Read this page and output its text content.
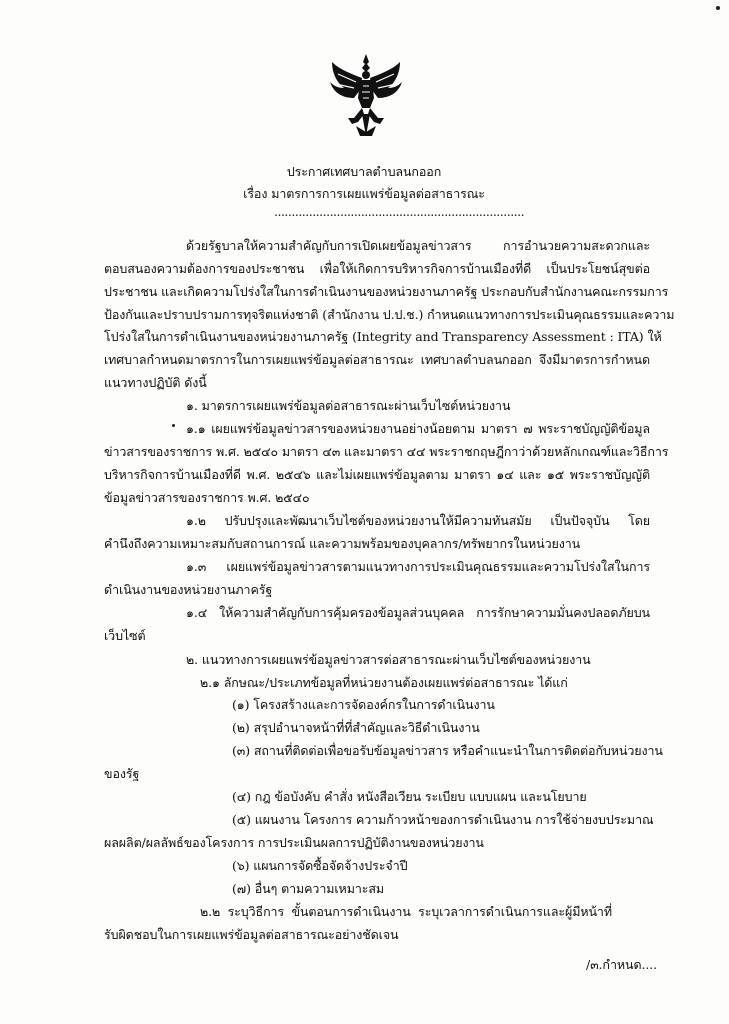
ประกาศเทศบาลตำบลนกออก
เรื่อง มาตรการการเผยแพร่ข้อมูลต่อสาธารณะ
........................................................................
ด้วยรัฐบาลให้ความสำคัญกับการเปิดเผยข้อมูลข่าวสาร การอำนวยความสะดวกและ
ตอบสนองความต้องการของประชาชน เพื่อให้เกิดการบริหารกิจการบ้านเมืองที่ดี เป็นประโยชน์สุขต่อ
ประชาชน และเกิดความโปร่งใสในการดำเนินงานของหน่วยงานภาครัฐ ประกอบกับสำนักงานคณะกรรมการ
ป้องกันและปราบปรามการทุจริตแห่งชาติ (สำนักงาน ป.ป.ช.) กำหนดแนวทางการประเมินคุณธรรมและความ
โปร่งใสในการดำเนินงานของหน่วยงานภาครัฐ (Integrity and Transparency Assessment : ITA) ให้
เทศบาลกำหนดมาตรการในการเผยแพร่ข้อมูลต่อสาธารณะ เทศบาลตำบลนกออก จึงมีมาตรการกำหนด
แนวทางปฏิบัติ ดังนี้
๑. มาตรการเผยแพร่ข้อมูลต่อสาธารณะผ่านเว็บไซต์หน่วยงาน
๑.๑ เผยแพร่ข้อมูลข่าวสารของหน่วยงานอย่างน้อยตาม มาตรา ๗ พระราชบัญญัติข้อมูล
ข่าวสารของราชการ พ.ศ. ๒๕๔๐ มาตรา ๔๓ และมาตรา ๔๔ พระราชกฤษฎีกาว่าด้วยหลักเกณฑ์และวิธีการ
บริหารกิจการบ้านเมืองที่ดี พ.ศ. ๒๕๔๖ และไม่เผยแพร่ข้อมูลตาม มาตรา ๑๔ และ ๑๕ พระราชบัญญัติ
ข้อมูลข่าวสารของราชการ พ.ศ. ๒๕๔๐
๑.๒ ปรับปรุงและพัฒนาเว็บไซต์ของหน่วยงานให้มีความทันสมัย เป็นปัจจุบัน โดย
คำนึงถึงความเหมาะสมกับสถานการณ์ และความพร้อมของบุคลากร/ทรัพยากรในหน่วยงาน
๑.๓ เผยแพร่ข้อมูลข่าวสารตามแนวทางการประเมินคุณธรรมและความโปร่งใสในการ
ดำเนินงานของหน่วยงานภาครัฐ
๑.๔ ให้ความสำคัญกับการคุ้มครองข้อมูลส่วนบุคคล การรักษาความมั่นคงปลอดภัยบน
เว็บไซต์
๒. แนวทางการเผยแพร่ข้อมูลข่าวสารต่อสาธารณะผ่านเว็บไซต์ของหน่วยงาน
๒.๑ ลักษณะ/ประเภทข้อมูลที่หน่วยงานต้องเผยแพร่ต่อสาธารณะ ได้แก่
(๑) โครงสร้างและการจัดองค์กรในการดำเนินงาน
(๒) สรุปอำนาจหน้าที่ที่สำคัญและวิธีดำเนินงาน
(๓) สถานที่ติดต่อเพื่อขอรับข้อมูลข่าวสาร หรือคำแนะนำในการติดต่อกับหน่วยงาน
ของรัฐ
(๔) กฎ ข้อบังคับ คำสั่ง หนังสือเวียน ระเบียบ แบบแผน และนโยบาย
(๕) แผนงาน โครงการ ความก้าวหน้าของการดำเนินงาน การใช้จ่ายงบประมาณ
ผลผลิต/ผลลัพธ์ของโครงการ การประเมินผลการปฏิบัติงานของหน่วยงาน
(๖) แผนการจัดซื้อจัดจ้างประจำปี
(๗) อื่นๆ ตามความเหมาะสม
๒.๒ ระบุวิธีการ ขั้นตอนการดำเนินงาน ระบุเวลาการดำเนินการและผู้มีหน้าที่
รับผิดชอบในการเผยแพร่ข้อมูลต่อสาธารณะอย่างชัดเจน
/๓.กำหนด....
